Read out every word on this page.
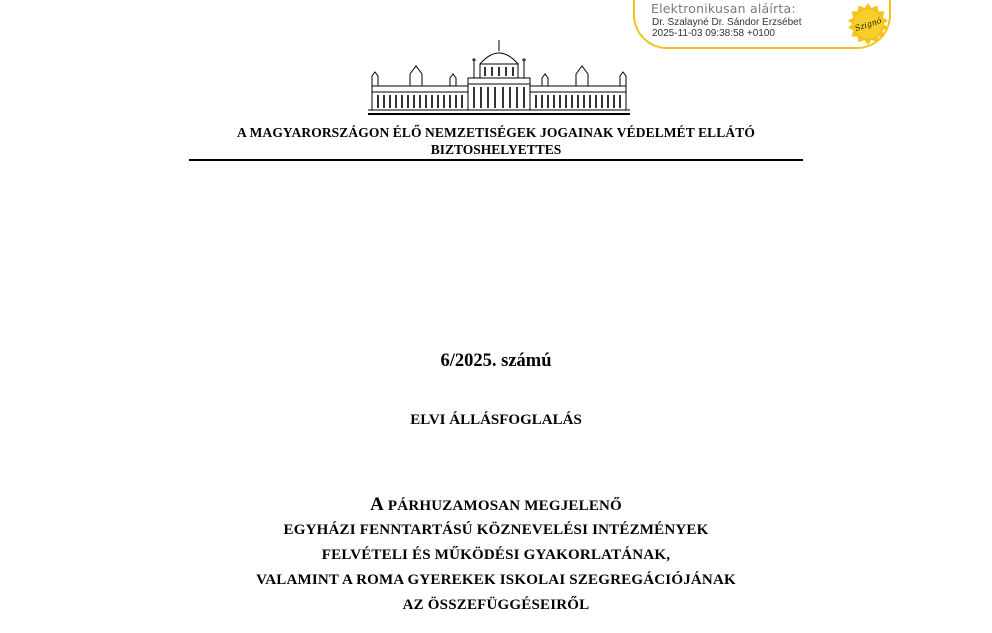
Elektronikusan aláírta:
Dr. Szalayné Dr. Sándor Erzsébet
2025-11-03 09:38:58 +0100
Szignó
A MAGYARORSZÁGON ÉLŐ NEMZETISÉGEK JOGAINAK VÉDELMÉT ELLÁTÓ
BIZTOSHELYETTES
6/2025. számú
ELVI ÁLLÁSFOGLALÁS
A PÁRHUZAMOSAN MEGJELENŐ
EGYHÁZI FENNTARTÁSÚ KÖZNEVELÉSI INTÉZMÉNYEK
FELVÉTELI ÉS MŰKÖDÉSI GYAKORLATÁNAK,
VALAMINT A ROMA GYEREKEK ISKOLAI SZEGREGÁCIÓJÁNAK
AZ ÖSSZEFÜGGÉSEIRŐL
